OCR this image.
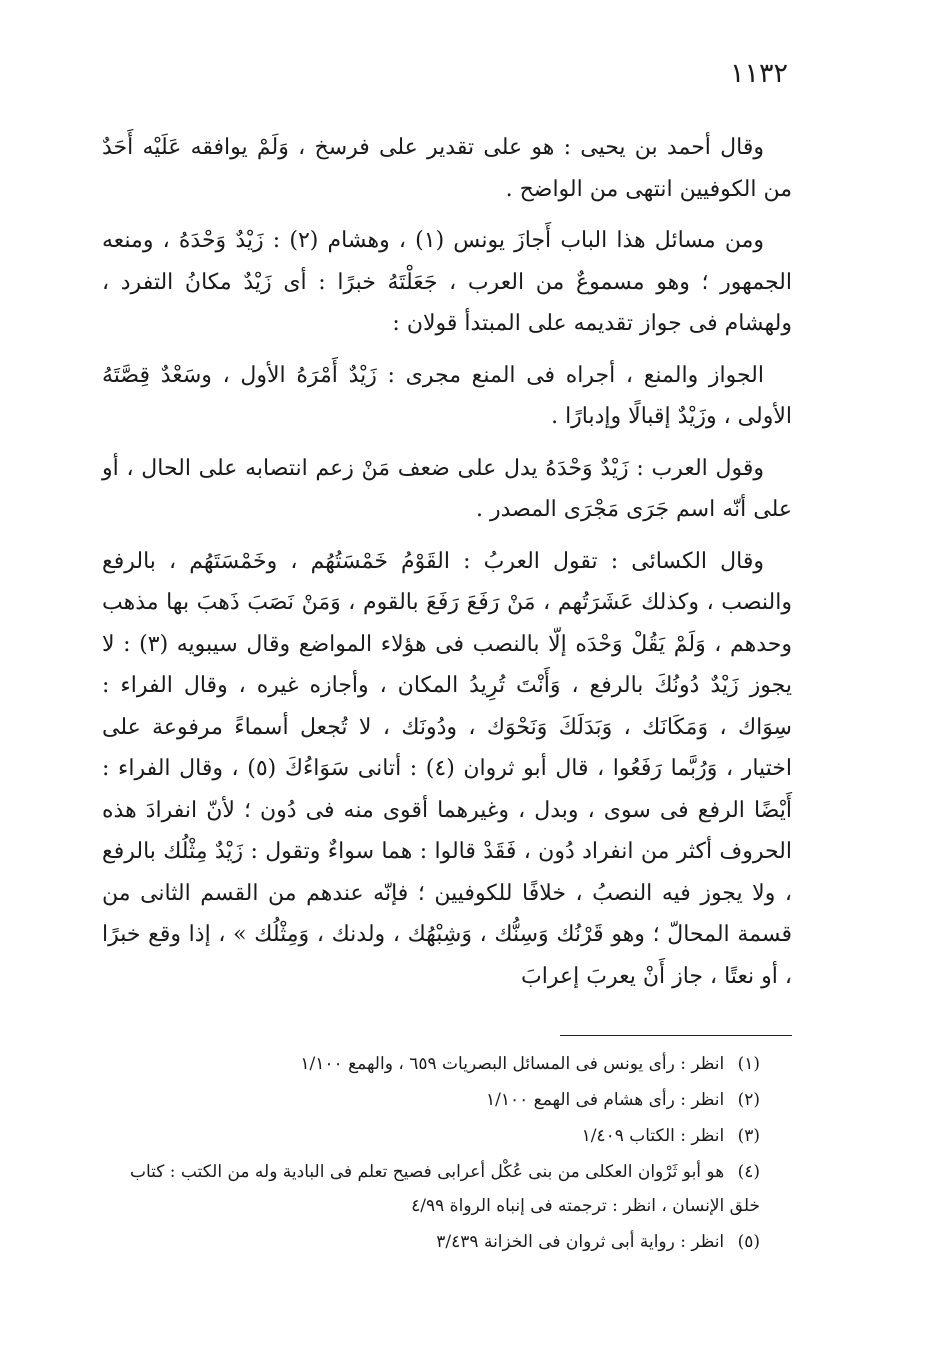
١١٣٢

وقال أحمد بن يحيى : هو على تقدير على فرسخ ، وَلَمْ يوافقه عَلَيْه أَحَدٌ من الكوفيين انتهى من الواضح .

ومن مسائل هذا الباب أَجازَ يونس (١) ، وهشام (٢) : زَيْدٌ وَحْدَهُ ، ومنعه الجمهور ؛ وهو مسموعٌ من العرب ، جَعَلْتَهُ خبرًا : أى زَيْدٌ مكانُ التفرد ، ولهشام فى جواز تقديمه على المبتدأ قولان :

الجواز والمنع ، أجراه فى المنع مجرى : زَيْدٌ أَمْرَهُ الأول ، وسَعْدٌ قِصَّتَهُ الأولى ، وزَيْدٌ إقبالًا وإدبارًا .

وقول العرب : زَيْدٌ وَحْدَهُ يدل على ضعف مَنْ زعم انتصابه على الحال ، أو على أنّه اسم جَرَى مَجْرَى المصدر .

وقال الكسائى : تقول العربُ : القَوْمُ خَمْسَتُهُم ، وخَمْسَتَهُم ، بالرفع والنصب ، وكذلك عَشَرَتُهم ، مَنْ رَفَعَ رَفَعَ بالقوم ، وَمَنْ نَصَبَ ذَهبَ بها مذهب وحدهم ، وَلَمْ يَقُلْ وَحْدَه إلّا بالنصب فى هؤلاء المواضع وقال سيبويه (٣) : لا يجوز زَيْدٌ دُونُكَ بالرفع ، وَأَنْتَ تُرِيدُ المكان ، وأجازه غيره ، وقال الفراء : سِوَاك ، وَمَكَانَك ، وَبَدَلَكَ وَنَحْوَك ، ودُونَك ، لا تُجعل أسماءً مرفوعة على اختيار ، وَرُبَّما رَفَعُوا ، قال أبو ثروان (٤) : أتانى سَوَاءُكَ (٥) ، وقال الفراء : أَيْضًا الرفع فى سوى ، وبدل ، وغيرهما أقوى منه فى دُون ؛ لأنّ انفرادَ هذه الحروف أكثر من انفراد دُون ، فَقَدْ قالوا : هما سواءٌ وتقول : زَيْدٌ مِثْلُك بالرفع ، ولا يجوز فيه النصبُ ، خلافًا للكوفيين ؛ فإنّه عندهم من القسم الثانى من قسمة المحالّ ؛ وهو قَرْنُك وَسِنُّك ، وَشِبْهُك ، ولدنك ، وَمِثْلُك » ، إذا وقع خبرًا ، أو نعتًا ، جاز أَنْ يعربَ إعرابَ

(١) انظر : رأى يونس فى المسائل البصريات ٦٥٩ ، والهمع ١/١٠٠
(٢) انظر : رأى هشام فى الهمع ١/١٠٠
(٣) انظر : الكتاب ١/٤٠٩
(٤) هو أبو ثَرْوان العكلى من بنى عُكْل أعرابى فصيح تعلم فى البادية وله من الكتب : كتاب خلق الإنسان ، انظر : ترجمته فى إنباه الرواة ٤/٩٩
(٥) انظر : رواية أبى ثروان فى الخزانة ٣/٤٣٩
